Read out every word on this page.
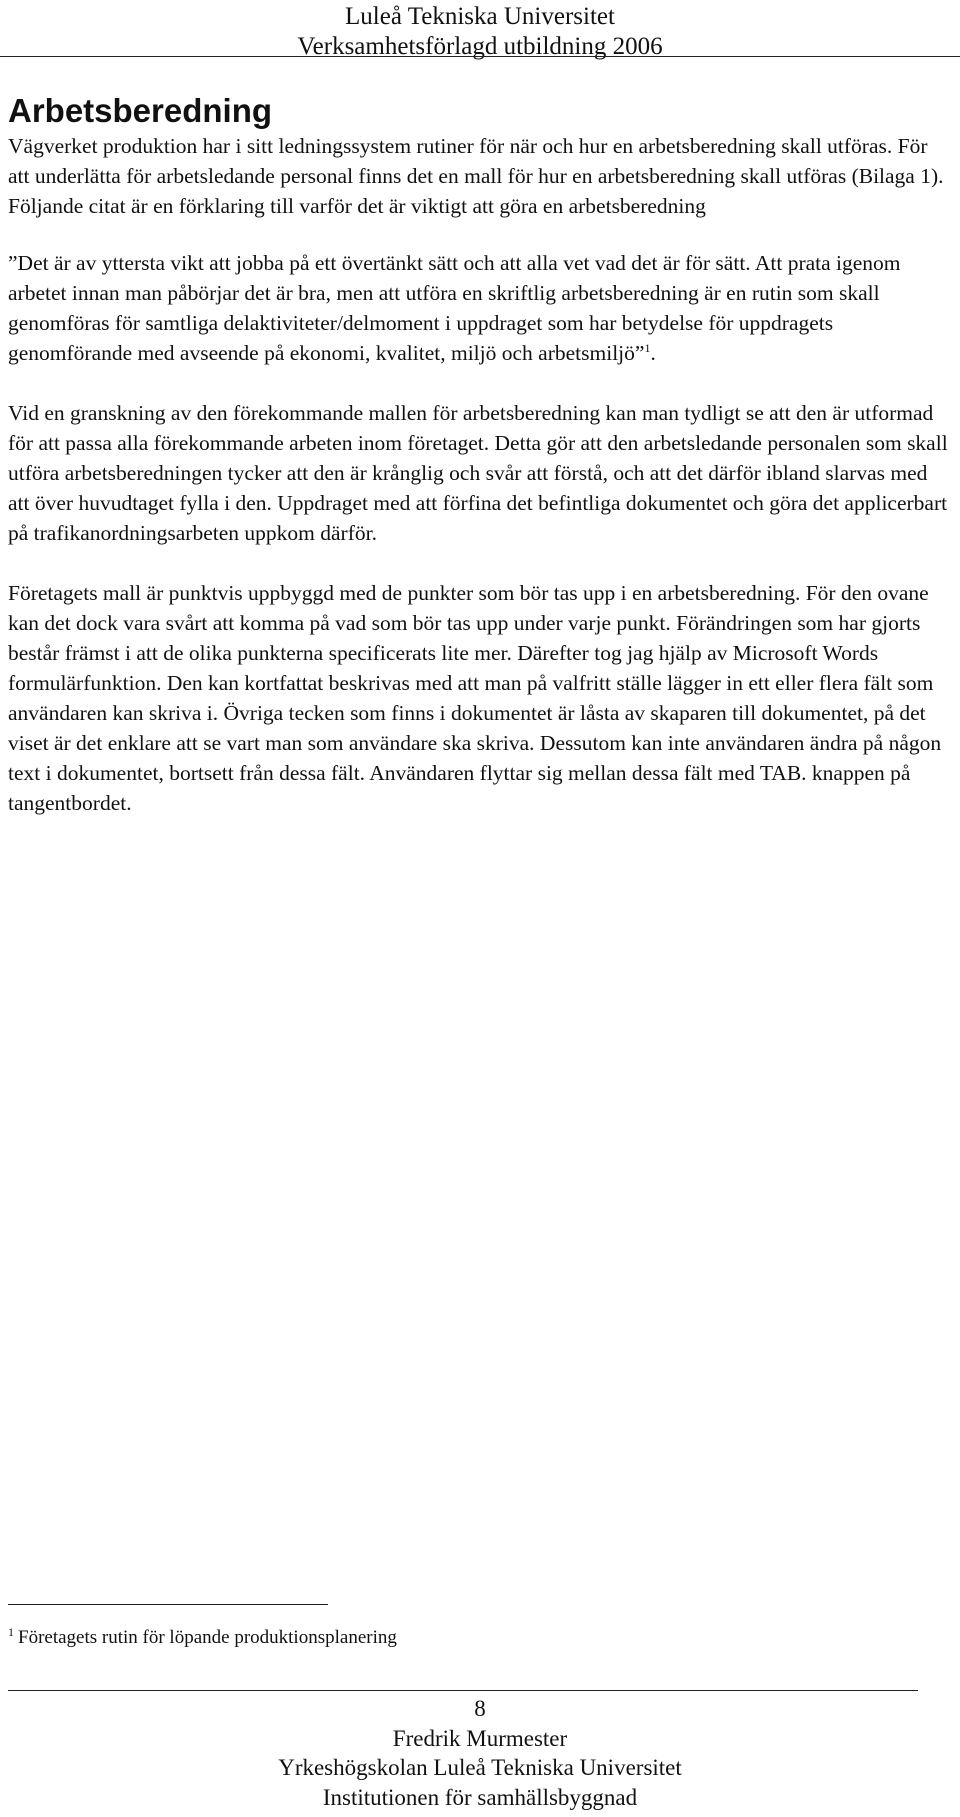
Luleå Tekniska Universitet
Verksamhetsförlagd utbildning 2006
Arbetsberedning

Vägverket produktion har i sitt ledningssystem rutiner för när och hur en arbetsberedning skall utföras. För att underlätta för arbetsledande personal finns det en mall för hur en arbetsberedning skall utföras (Bilaga 1). Följande citat är en förklaring till varför det är viktigt att göra en arbetsberedning

”Det är av yttersta vikt att jobba på ett övertänkt sätt och att alla vet vad det är för sätt. Att prata igenom arbetet innan man påbörjar det är bra, men att utföra en skriftlig arbetsberedning är en rutin som skall genomföras för samtliga delaktiviteter/delmoment i uppdraget som har betydelse för uppdragets genomförande med avseende på ekonomi, kvalitet, miljö och arbetsmiljö”$^1$.

Vid en granskning av den förekommande mallen för arbetsberedning kan man tydligt se att den är utformad för att passa alla förekommande arbeten inom företaget. Detta gör att den arbetsledande personalen som skall utföra arbetsberedningen tycker att den är krånglig och svår att förstå, och att det därför ibland slarvas med att över huvudtaget fylla i den. Uppdraget med att förfina det befintliga dokumentet och göra det applicerbart på trafikanordningsarbeten uppkom därför.

Företagets mall är punktvis uppbyggd med de punkter som bör tas upp i en arbetsberedning. För den ovane kan det dock vara svårt att komma på vad som bör tas upp under varje punkt. Förändringen som har gjorts består främst i att de olika punkterna specificerats lite mer. Därefter tog jag hjälp av Microsoft Words formulärfunktion. Den kan kortfattat beskrivas med att man på valfritt ställe lägger in ett eller flera fält som användaren kan skriva i. Övriga tecken som finns i dokumentet är låsta av skaparen till dokumentet, på det viset är det enklare att se vart man som användare ska skriva. Dessutom kan inte användaren ändra på någon text i dokumentet, bortsett från dessa fält. Användaren flyttar sig mellan dessa fält med TAB. knappen på tangentbordet.

$^1$ Företagets rutin för löpande produktionsplanering
8
Fredrik Murmester
Yrkeshögskolan Luleå Tekniska Universitet
Institutionen för samhällsbyggnad
